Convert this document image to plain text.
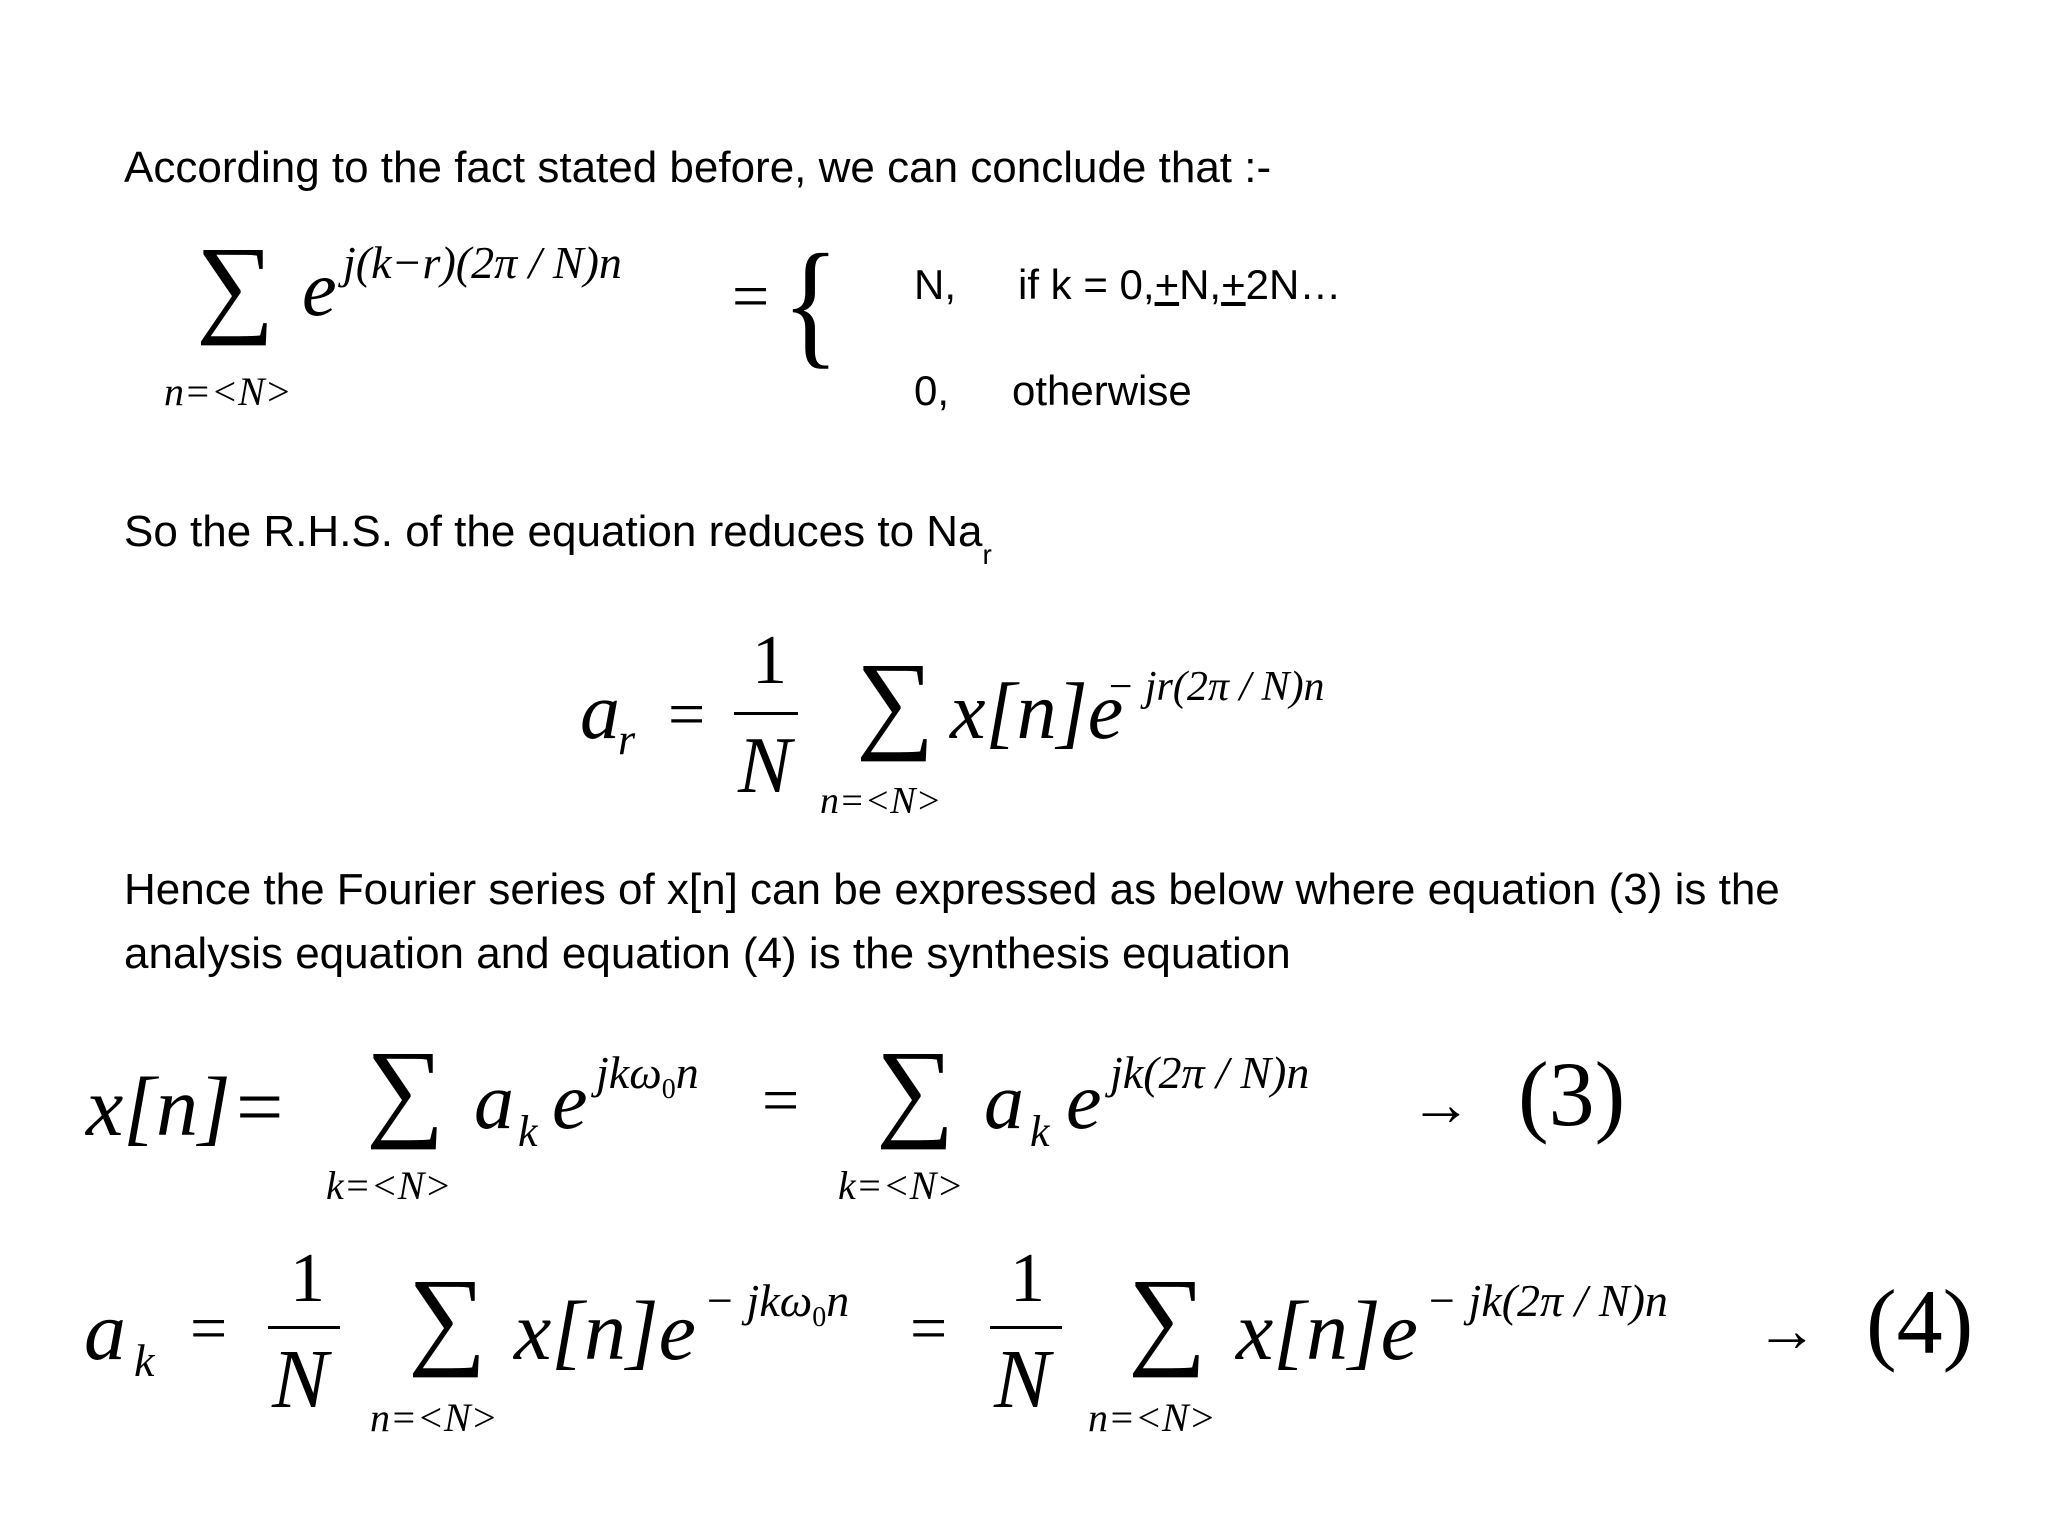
According to the fact stated before, we can conclude that :-
∑ e j(k−r)(2π / N)n
n=<N>
= { N, if k = 0,+N,+2N…
0, otherwise
So the R.H.S. of the equation reduces to $Na_r$
a
r =
1
N
∑
n=<N>
x[n]e
− jr(2π / N)n
Hence the Fourier series of x[n] can be expressed as below where equation (3) is the
analysis equation and equation (4) is the synthesis equation
x[n]= ∑
k=<N>
a k e jkω$_0$n = ∑
k=<N>
a k e jk(2π / N)n → (3)
a k =
1
N
∑
n=<N>
x[n]e − jkω$_0$n =
1
N
∑
n=<N>
x[n]e − jk(2π / N)n → (4)
